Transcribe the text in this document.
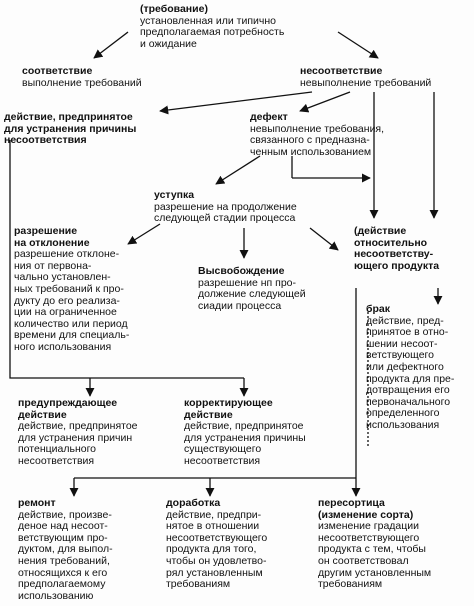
(требование)
установленная или типично
предполагаемая потребность
и ожидание
соответствие
выполнение требований
несоответствие
невыполнение требований
действие, предпринятое
для устранения причины
несоответствия
дефект
невыполнение требования,
связанного с предназна-
ченным использованием
уступка
разрешение на продолжение
следующей стадии процесса
разрешение
на отклонение
разрешение отклоне-
ния от первона-
чально установлен-
ных требований к про-
дукту до его реализа-
ции на ограниченное
количество или период
времени для специаль-
ного использования
Высвобождение
разрешение нп про-
должение следующей
сиадии процесса
(действие
относительно
несоответству-
ющего продукта
брак
действие, пред-
принятое в отно-
шении несоот-
ветствующего
или дефектного
продукта для пре-
дотвращения его
первоначального
определенного
использования
предупреждающее
действие
действие, предпринятое
для устранения причин
потенциального
несоответствия
корректирующее
действие
действие, предпринятое
для устранения причины
существующего
несоответствия
ремонт
действие, произве-
деное над несоот-
ветствующим про-
дуктом, для выпол-
нения требований,
относящихся к его
предполагаемому
использованию
доработка
действие, предпри-
нятое в отношении
несоответствующего
продукта для того,
чтобы он удовлетво-
рял установленным
требованиям
пересортица
(изменение сорта)
изменение градации
несоответствующего
продукта с тем, чтобы
он соответствовал
другим установленным
требованиям
